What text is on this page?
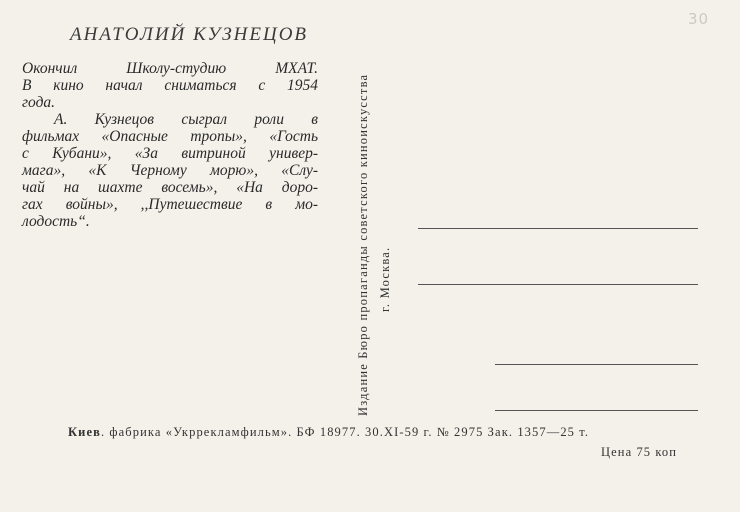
30
АНАТОЛИЙ КУЗНЕЦОВ
Окончил Школу-студию МХАТ.
В кино начал сниматься с 1954
года.
А. Кузнецов сыграл роли в
фильмах «Опасные тропы», «Гость
с Кубани», «За витриной универ-
мага», «К Черному морю», «Слу-
чай на шахте восемь», «На доро-
гах войны», ,,Путешествие в мо-
лодость“.	Издание Бюро пропаганды советского киноискусства г. Москва.
Киев. фабрика «Укррекламфильм». БФ 18977. 30.XI-59 г. № 2975 Зак. 1357—25 т.
Цена 75 коп
